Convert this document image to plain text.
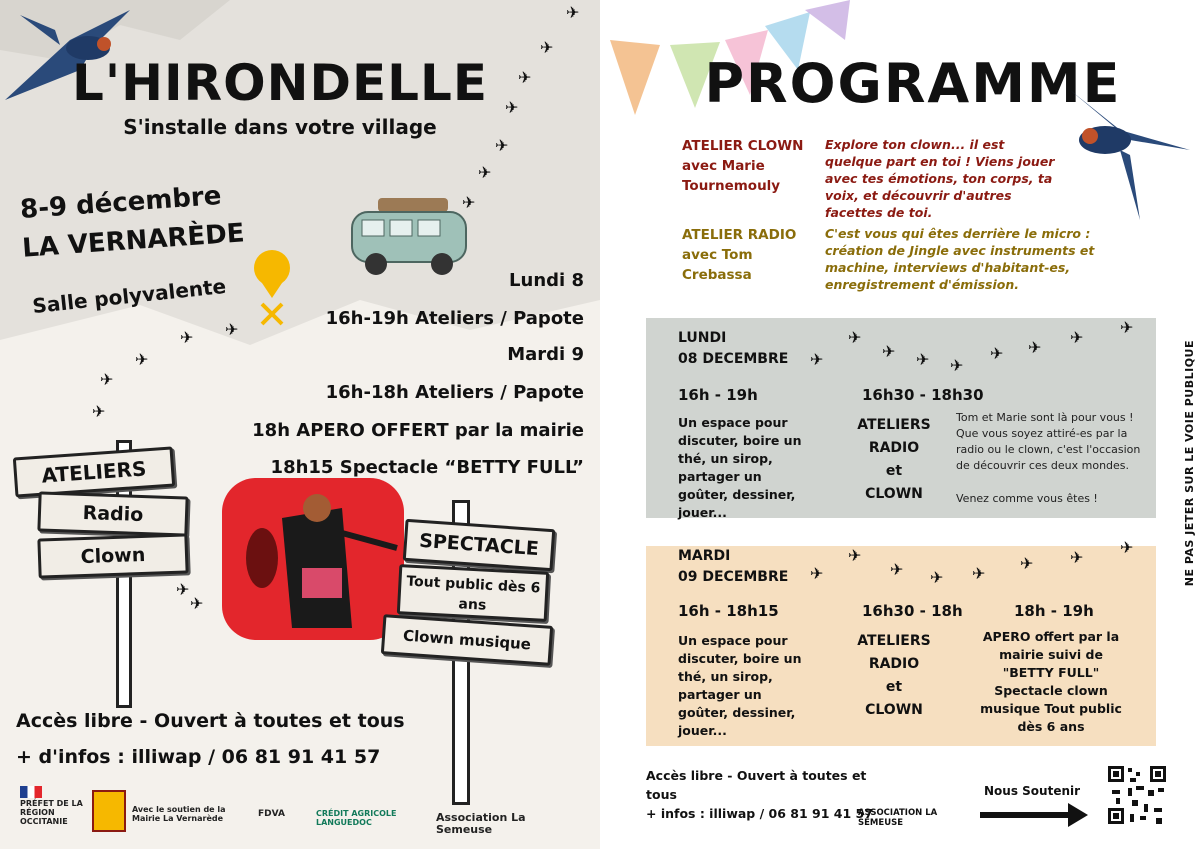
L'HIRONDELLE
S'installe dans votre village
✈
✈
✈
✈
✈
✈
✈
✈
✈
✈
✈
✈
✈
✈
8-9 décembre
LA VERNARÈDE
Salle polyvalente	Lundi 8
16h-19h Ateliers / Papote
Mardi 9
16h-18h Ateliers / Papote
18h APERO OFFERT par la mairie
18h15 Spectacle “BETTY FULL”
ATELIERS
Radio
Clown	SPECTACLE
Tout public dès 6 ans
Clown musique
Accès libre - Ouvert à toutes et tous
+ d'infos : illiwap / 06 81 91 41 57
PRÉFET DE LA RÉGION OCCITANIE
Avec le soutien de la Mairie La Vernarède	FDVA	CRÉDIT AGRICOLE LANGUEDOC	Association La Semeuse
PROGRAMME
ATELIER CLOWN avec Marie Tournemouly
Explore ton clown... il est quelque part en toi ! Viens jouer avec tes émotions, ton corps, ta voix, et découvrir d'autres facettes de toi.
ATELIER RADIO avec Tom Crebassa
C'est vous qui êtes derrière le micro : création de Jingle avec instruments et machine, interviews d'habitant-es, enregistrement d'émission.
LUNDI
08 DECEMBRE
16h - 19h
Un espace pour discuter, boire un thé, un sirop, partager un goûter, dessiner, jouer...
16h30 - 18h30
ATELIERS
RADIO
et
CLOWN
Tom et Marie sont là pour vous ! Que vous soyez attiré-es par la radio ou le clown, c'est l'occasion de découvrir ces deux mondes.
Venez comme vous êtes !
MARDI
09 DECEMBRE
16h - 18h15
Un espace pour discuter, boire un thé, un sirop, partager un goûter, dessiner, jouer...
16h30 - 18h
ATELIERS
RADIO
et
CLOWN
18h - 19h
APERO offert par la mairie suivi de "BETTY FULL" Spectacle clown musique Tout public dès 6 ans
✈
✈
✈ ✈ ✈
✈ ✈
✈
✈
✈
✈
✈ ✈ ✈
✈ ✈
✈
Accès libre - Ouvert à toutes et tous
+ infos : illiwap / 06 81 91 41 57
ASSOCIATION LA SEMEUSE
Nous Soutenir
NE PAS JETER SUR LE VOIE PUBLIQUE
